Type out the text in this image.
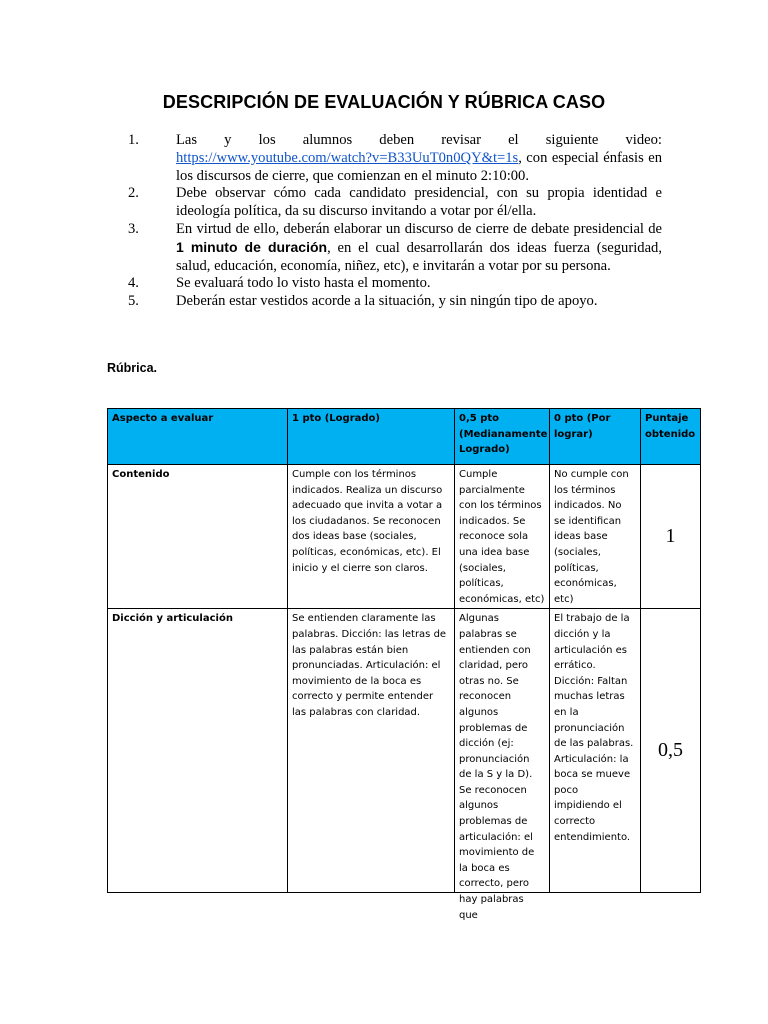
DESCRIPCIÓN DE EVALUACIÓN Y RÚBRICA CASO
1.	Las y los alumnos deben revisar el siguiente video:
https://www.youtube.com/watch?v=B33UuT0n0QY&t=1s, con especial énfasis en los discursos de cierre, que comienzan en el minuto 2:10:00.
2.	Debe observar cómo cada candidato presidencial, con su propia identidad e ideología política, da su discurso invitando a votar por él/ella.
3.	En virtud de ello, deberán elaborar un discurso de cierre de debate presidencial de 1 minuto de duración, en el cual desarrollarán dos ideas fuerza (seguridad, salud, educación, economía, niñez, etc), e invitarán a votar por su persona.
4.	Se evaluará todo lo visto hasta el momento.
5.	Deberán estar vestidos acorde a la situación, y sin ningún tipo de apoyo.
Rúbrica.
Aspecto a evaluar	1 pto (Logrado)	0,5 pto (Medianamente Logrado)	0 pto (Por lograr)	Puntaje obtenido
Contenido	Cumple con los términos indicados. Realiza un discurso adecuado que invita a votar a los ciudadanos. Se reconocen dos ideas base (sociales, políticas, económicas, etc). El inicio y el cierre son claros.	Cumple parcialmente con los términos indicados. Se reconoce sola una idea base (sociales, políticas, económicas, etc)	No cumple con los términos indicados. No se identifican ideas base (sociales, políticas, económicas, etc)	1
Dicción y articulación	Se entienden claramente las palabras. Dicción: las letras de las palabras están bien pronunciadas. Articulación: el movimiento de la boca es correcto y permite entender las palabras con claridad.	Algunas palabras se entienden con claridad, pero otras no. Se reconocen algunos problemas de dicción (ej: pronunciación de la S y la D). Se reconocen algunos problemas de articulación: el movimiento de la boca es correcto, pero hay palabras que	El trabajo de la dicción y la articulación es errático. Dicción: Faltan muchas letras en la pronunciación de las palabras. Articulación: la boca se mueve poco impidiendo el correcto entendimiento.	0,5
